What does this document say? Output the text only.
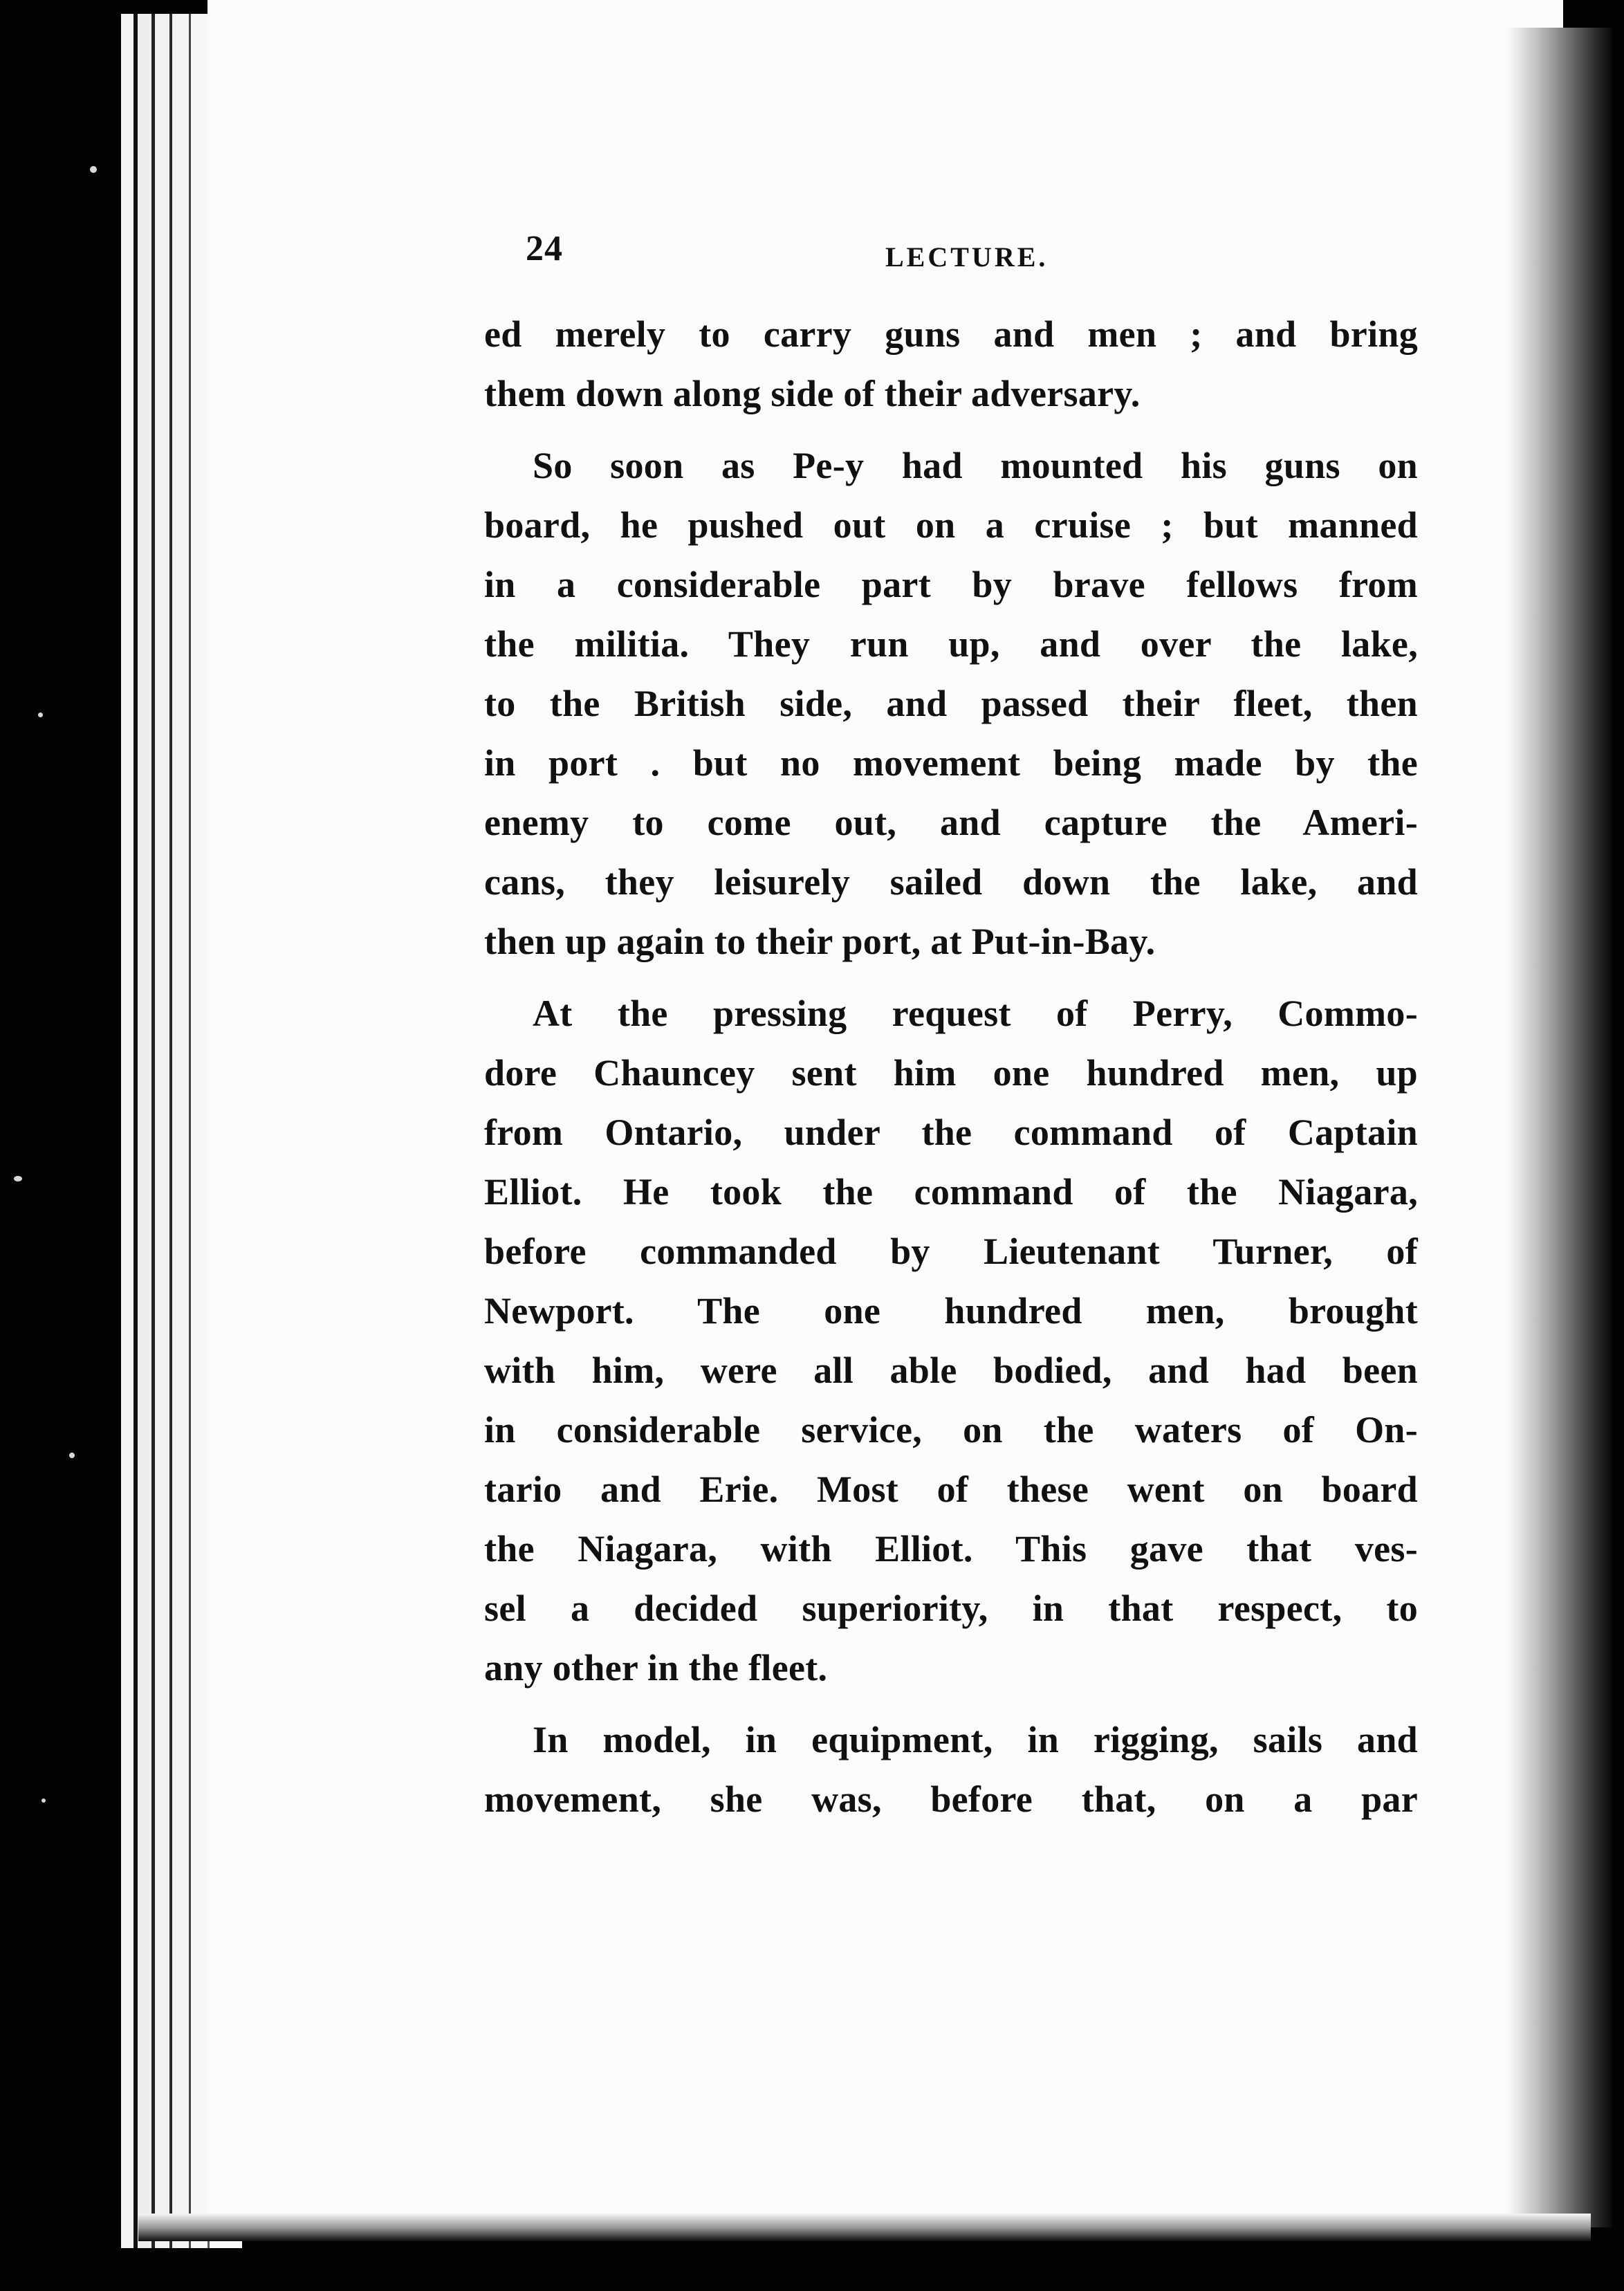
24	LECTURE.
ed merely to carry guns and men ; and bring
them down along side of their adversary.
So soon as Pe‐y had mounted his guns on
board, he pushed out on a cruise ; but manned
in a considerable part by brave fellows from
the militia. They run up, and over the lake,
to the British side, and passed their fleet, then
in port . but no movement being made by the
enemy to come out, and capture the Ameri-
cans, they leisurely sailed down the lake, and
then up again to their port, at Put-in-Bay.
At the pressing request of Perry, Commo-
dore Chauncey sent him one hundred men, up
from Ontario, under the command of Captain
Elliot. He took the command of the Niagara,
before commanded by Lieutenant Turner, of
Newport. The one hundred men, brought
with him, were all able bodied, and had been
in considerable service, on the waters of On-
tario and Erie. Most of these went on board
the Niagara, with Elliot. This gave that ves-
sel a decided superiority, in that respect, to
any other in the fleet.
In model, in equipment, in rigging, sails and
movement, she was, before that, on a par
